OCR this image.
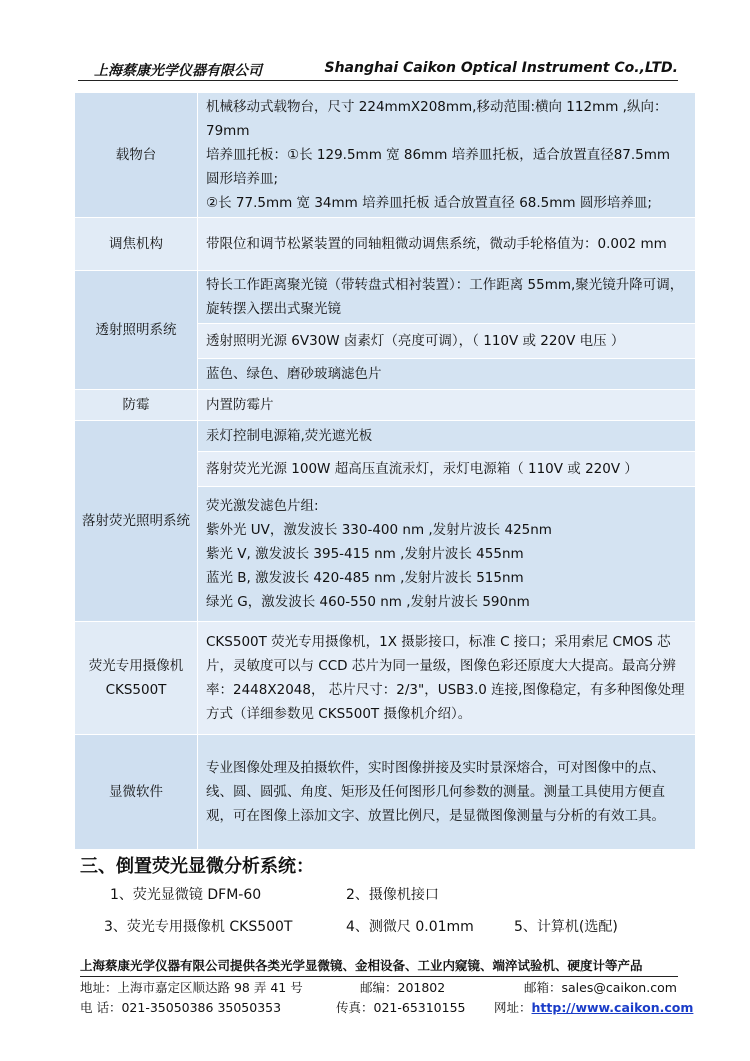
上海蔡康光学仪器有限公司	Shanghai Caikon Optical Instrument Co.,LTD.
载物台	机械移动式载物台，尺寸 224mmX208mm,移动范围:横向 112mm ,纵向：79mm
培养皿托板：①长 129.5mm 宽 86mm 培养皿托板，适合放置直径87.5mm 圆形培养皿;
②长 77.5mm 宽 34mm 培养皿托板 适合放置直径 68.5mm 圆形培养皿;

调焦机构	带限位和调节松紧装置的同轴粗微动调焦系统，微动手轮格值为：0.002 mm

透射照明系统	特长工作距离聚光镜（带转盘式相衬装置）：工作距离 55mm,聚光镜升降可调，旋转摆入摆出式聚光镜

	透射照明光源 6V30W 卤素灯（亮度可调），（ 110V 或 220V 电压 ）

	蓝色、绿色、磨砂玻璃滤色片

防霉	内置防霉片

落射荧光照明系统	汞灯控制电源箱,荧光遮光板

	落射荧光光源 100W 超高压直流汞灯，汞灯电源箱（ 110V 或 220V ）

	荧光激发滤色片组:
紫外光 UV，激发波长 330-400 nm ,发射片波长 425nm
紫光 V, 激发波长 395-415 nm ,发射片波长 455nm
蓝光 B, 激发波长 420-485 nm ,发射片波长 515nm
绿光 G，激发波长 460-550 nm ,发射片波长 590nm

荧光专用摄像机 CKS500T	CKS500T 荧光专用摄像机，1X 摄影接口，标准 C 接口；采用索尼 CMOS 芯片，灵敏度可以与 CCD 芯片为同一量级，图像色彩还原度大大提高。最高分辨率：2448X2048， 芯片尺寸：2/3"，USB3.0 连接,图像稳定，有多种图像处理方式（详细参数见 CKS500T 摄像机介绍）。

显微软件	专业图像处理及拍摄软件，实时图像拼接及实时景深熔合，可对图像中的点、线、圆、圆弧、角度、矩形及任何图形几何参数的测量。测量工具使用方便直观，可在图像上添加文字、放置比例尺，是显微图像测量与分析的有效工具。
三、倒置荧光显微分析系统：
1、荧光显微镜 DFM-60	2、摄像机接口
3、荧光专用摄像机 CKS500T	4、测微尺 0.01mm	5、计算机(选配)
上海蔡康光学仪器有限公司提供各类光学显微镜、金相设备、工业内窥镜、端淬试验机、硬度计等产品
地址：上海市嘉定区顺达路 98 弄 41 号	邮编：201802	邮箱：sales@caikon.com
电 话：021-35050386 35050353	传真：021-65310155 网址：http://www.caikon.com
